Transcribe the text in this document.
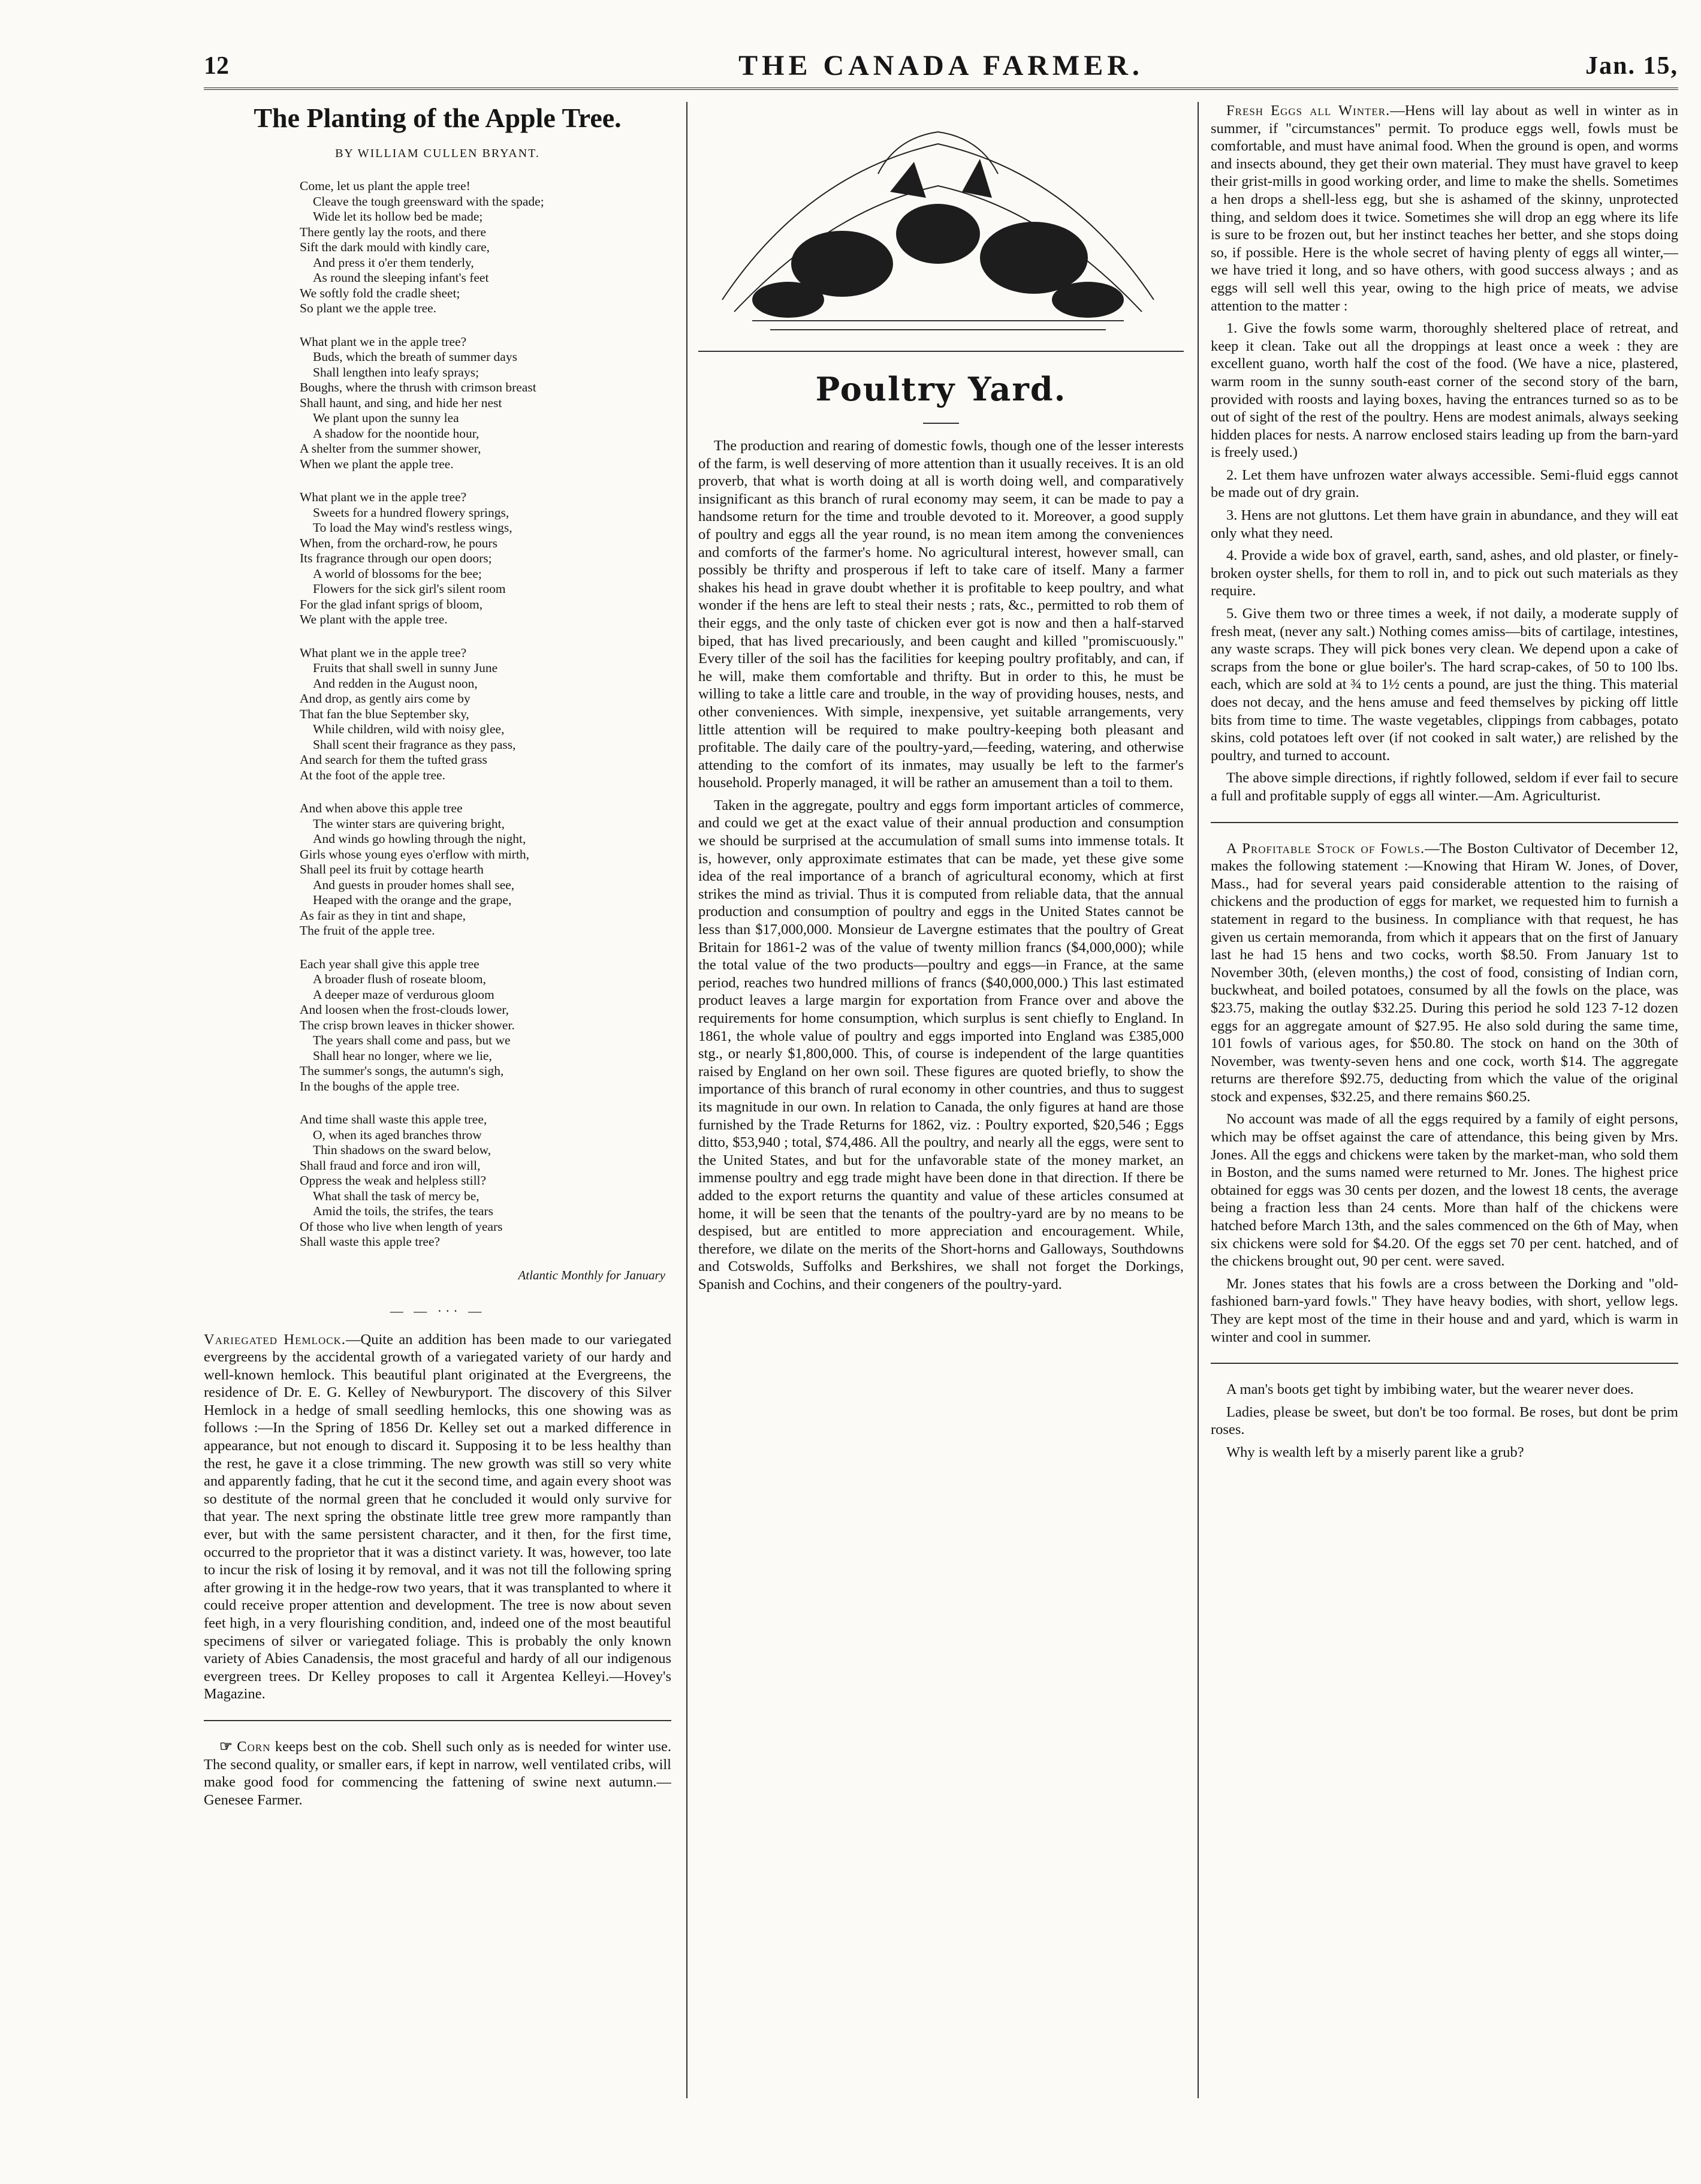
12	THE CANADA FARMER.	Jan. 15,
The Planting of the Apple Tree.
BY WILLIAM CULLEN BRYANT.
Come, let us plant the apple tree!
Cleave the tough greensward with the spade;
Wide let its hollow bed be made;
There gently lay the roots, and there
Sift the dark mould with kindly care,
And press it o'er them tenderly,
As round the sleeping infant's feet
We softly fold the cradle sheet;
So plant we the apple tree.
What plant we in the apple tree?
Buds, which the breath of summer days
Shall lengthen into leafy sprays;
Boughs, where the thrush with crimson breast
Shall haunt, and sing, and hide her nest
We plant upon the sunny lea
A shadow for the noontide hour,
A shelter from the summer shower,
When we plant the apple tree.
What plant we in the apple tree?
Sweets for a hundred flowery springs,
To load the May wind's restless wings,
When, from the orchard-row, he pours
Its fragrance through our open doors;
A world of blossoms for the bee;
Flowers for the sick girl's silent room
For the glad infant sprigs of bloom,
We plant with the apple tree.
What plant we in the apple tree?
Fruits that shall swell in sunny June
And redden in the August noon,
And drop, as gently airs come by
That fan the blue September sky,
While children, wild with noisy glee,
Shall scent their fragrance as they pass,
And search for them the tufted grass
At the foot of the apple tree.
And when above this apple tree
The winter stars are quivering bright,
And winds go howling through the night,
Girls whose young eyes o'erflow with mirth,
Shall peel its fruit by cottage hearth
And guests in prouder homes shall see,
Heaped with the orange and the grape,
As fair as they in tint and shape,
The fruit of the apple tree.
Each year shall give this apple tree
A broader flush of roseate bloom,
A deeper maze of verdurous gloom
And loosen when the frost-clouds lower,
The crisp brown leaves in thicker shower.
The years shall come and pass, but we
Shall hear no longer, where we lie,
The summer's songs, the autumn's sigh,
In the boughs of the apple tree.
And time shall waste this apple tree,
O, when its aged branches throw
Thin shadows on the sward below,
Shall fraud and force and iron will,
Oppress the weak and helpless still?
What shall the task of mercy be,
Amid the toils, the strifes, the tears
Of those who live when length of years
Shall waste this apple tree?
Atlantic Monthly for January
— — ··· —

Variegated Hemlock.—Quite an addition has been made to our variegated evergreens by the accidental growth of a variegated variety of our hardy and well-known hemlock. This beautiful plant originated at the Evergreens, the residence of Dr. E. G. Kelley of Newburyport. The discovery of this Silver Hemlock in a hedge of small seedling hemlocks, this one showing was as follows :—In the Spring of 1856 Dr. Kelley set out a marked difference in appearance, but not enough to discard it. Supposing it to be less healthy than the rest, he gave it a close trimming. The new growth was still so very white and apparently fading, that he cut it the second time, and again every shoot was so destitute of the normal green that he concluded it would only survive for that year. The next spring the obstinate little tree grew more rampantly than ever, but with the same persistent character, and it then, for the first time, occurred to the proprietor that it was a distinct variety. It was, however, too late to incur the risk of losing it by removal, and it was not till the following spring after growing it in the hedge-row two years, that it was transplanted to where it could receive proper attention and development. The tree is now about seven feet high, in a very flourishing condition, and, indeed one of the most beautiful specimens of silver or variegated foliage. This is probably the only known variety of Abies Canadensis, the most graceful and hardy of all our indigenous evergreen trees. Dr Kelley proposes to call it Argentea Kelleyi.—Hovey's Magazine.

☞ Corn keeps best on the cob. Shell such only as is needed for winter use. The second quality, or smaller ears, if kept in narrow, well ventilated cribs, will make good food for commencing the fattening of swine next autumn.—Genesee Farmer.

Poultry Yard.

The production and rearing of domestic fowls, though one of the lesser interests of the farm, is well deserving of more attention than it usually receives. It is an old proverb, that what is worth doing at all is worth doing well, and comparatively insignificant as this branch of rural economy may seem, it can be made to pay a handsome return for the time and trouble devoted to it. Moreover, a good supply of poultry and eggs all the year round, is no mean item among the conveniences and comforts of the farmer's home. No agricultural interest, however small, can possibly be thrifty and prosperous if left to take care of itself. Many a farmer shakes his head in grave doubt whether it is profitable to keep poultry, and what wonder if the hens are left to steal their nests ; rats, &c., permitted to rob them of their eggs, and the only taste of chicken ever got is now and then a half-starved biped, that has lived precariously, and been caught and killed "promiscuously." Every tiller of the soil has the facilities for keeping poultry profitably, and can, if he will, make them comfortable and thrifty. But in order to this, he must be willing to take a little care and trouble, in the way of providing houses, nests, and other conveniences. With simple, inexpensive, yet suitable arrangements, very little attention will be required to make poultry-keeping both pleasant and profitable. The daily care of the poultry-yard,—feeding, watering, and otherwise attending to the comfort of its inmates, may usually be left to the farmer's household. Properly managed, it will be rather an amusement than a toil to them.

Taken in the aggregate, poultry and eggs form important articles of commerce, and could we get at the exact value of their annual production and consumption we should be surprised at the accumulation of small sums into immense totals. It is, however, only approximate estimates that can be made, yet these give some idea of the real importance of a branch of agricultural economy, which at first strikes the mind as trivial. Thus it is computed from reliable data, that the annual production and consumption of poultry and eggs in the United States cannot be less than $17,000,000. Monsieur de Lavergne estimates that the poultry of Great Britain for 1861-2 was of the value of twenty million francs ($4,000,000); while the total value of the two products—poultry and eggs—in France, at the same period, reaches two hundred millions of francs ($40,000,000.) This last estimated product leaves a large margin for exportation from France over and above the requirements for home consumption, which surplus is sent chiefly to England. In 1861, the whole value of poultry and eggs imported into England was £385,000 stg., or nearly $1,800,000. This, of course is independent of the large quantities raised by England on her own soil. These figures are quoted briefly, to show the importance of this branch of rural economy in other countries, and thus to suggest its magnitude in our own. In relation to Canada, the only figures at hand are those furnished by the Trade Returns for 1862, viz. : Poultry exported, $20,546 ; Eggs ditto, $53,940 ; total, $74,486. All the poultry, and nearly all the eggs, were sent to the United States, and but for the unfavorable state of the money market, an immense poultry and egg trade might have been done in that direction. If there be added to the export returns the quantity and value of these articles consumed at home, it will be seen that the tenants of the poultry-yard are by no means to be despised, but are entitled to more appreciation and encouragement. While, therefore, we dilate on the merits of the Short-horns and Galloways, Southdowns and Cotswolds, Suffolks and Berkshires, we shall not forget the Dorkings, Spanish and Cochins, and their congeners of the poultry-yard.

Fresh Eggs all Winter.—Hens will lay about as well in winter as in summer, if "circumstances" permit. To produce eggs well, fowls must be comfortable, and must have animal food. When the ground is open, and worms and insects abound, they get their own material. They must have gravel to keep their grist-mills in good working order, and lime to make the shells. Sometimes a hen drops a shell-less egg, but she is ashamed of the skinny, unprotected thing, and seldom does it twice. Sometimes she will drop an egg where its life is sure to be frozen out, but her instinct teaches her better, and she stops doing so, if possible. Here is the whole secret of having plenty of eggs all winter,—we have tried it long, and so have others, with good success always ; and as eggs will sell well this year, owing to the high price of meats, we advise attention to the matter :

1. Give the fowls some warm, thoroughly sheltered place of retreat, and keep it clean. Take out all the droppings at least once a week : they are excellent guano, worth half the cost of the food. (We have a nice, plastered, warm room in the sunny south-east corner of the second story of the barn, provided with roosts and laying boxes, having the entrances turned so as to be out of sight of the rest of the poultry. Hens are modest animals, always seeking hidden places for nests. A narrow enclosed stairs leading up from the barn-yard is freely used.)

2. Let them have unfrozen water always accessible. Semi-fluid eggs cannot be made out of dry grain.

3. Hens are not gluttons. Let them have grain in abundance, and they will eat only what they need.

4. Provide a wide box of gravel, earth, sand, ashes, and old plaster, or finely-broken oyster shells, for them to roll in, and to pick out such materials as they require.

5. Give them two or three times a week, if not daily, a moderate supply of fresh meat, (never any salt.) Nothing comes amiss—bits of cartilage, intestines, any waste scraps. They will pick bones very clean. We depend upon a cake of scraps from the bone or glue boiler's. The hard scrap-cakes, of 50 to 100 lbs. each, which are sold at ¾ to 1½ cents a pound, are just the thing. This material does not decay, and the hens amuse and feed themselves by picking off little bits from time to time. The waste vegetables, clippings from cabbages, potato skins, cold potatoes left over (if not cooked in salt water,) are relished by the poultry, and turned to account.

The above simple directions, if rightly followed, seldom if ever fail to secure a full and profitable supply of eggs all winter.—Am. Agriculturist.

A Profitable Stock of Fowls.—The Boston Cultivator of December 12, makes the following statement :—Knowing that Hiram W. Jones, of Dover, Mass., had for several years paid considerable attention to the raising of chickens and the production of eggs for market, we requested him to furnish a statement in regard to the business. In compliance with that request, he has given us certain memoranda, from which it appears that on the first of January last he had 15 hens and two cocks, worth $8.50. From January 1st to November 30th, (eleven months,) the cost of food, consisting of Indian corn, buckwheat, and boiled potatoes, consumed by all the fowls on the place, was $23.75, making the outlay $32.25. During this period he sold 123 7-12 dozen eggs for an aggregate amount of $27.95. He also sold during the same time, 101 fowls of various ages, for $50.80. The stock on hand on the 30th of November, was twenty-seven hens and one cock, worth $14. The aggregate returns are therefore $92.75, deducting from which the value of the original stock and expenses, $32.25, and there remains $60.25.

No account was made of all the eggs required by a family of eight persons, which may be offset against the care of attendance, this being given by Mrs. Jones. All the eggs and chickens were taken by the market-man, who sold them in Boston, and the sums named were returned to Mr. Jones. The highest price obtained for eggs was 30 cents per dozen, and the lowest 18 cents, the average being a fraction less than 24 cents. More than half of the chickens were hatched before March 13th, and the sales commenced on the 6th of May, when six chickens were sold for $4.20. Of the eggs set 70 per cent. hatched, and of the chickens brought out, 90 per cent. were saved.

Mr. Jones states that his fowls are a cross between the Dorking and "old-fashioned barn-yard fowls." They have heavy bodies, with short, yellow legs. They are kept most of the time in their house and and yard, which is warm in winter and cool in summer.

A man's boots get tight by imbibing water, but the wearer never does.

Ladies, please be sweet, but don't be too formal. Be roses, but dont be prim roses.

Why is wealth left by a miserly parent like a grub?
